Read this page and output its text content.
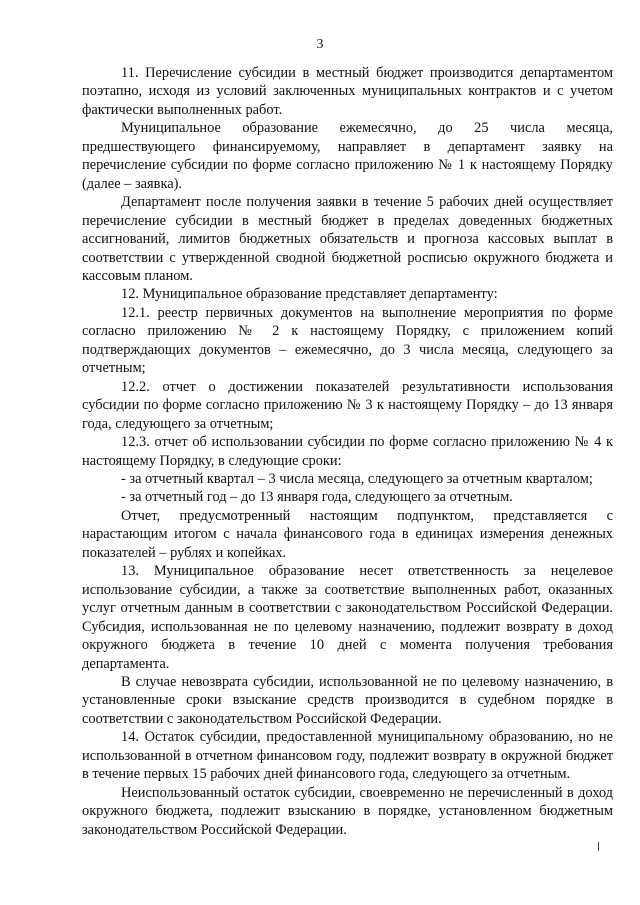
3

11. Перечисление субсидии в местный бюджет производится департаментом поэтапно, исходя из условий заключенных муниципальных контрактов и с учетом фактически выполненных работ.

Муниципальное образование ежемесячно, до 25 числа месяца, предшествующего финансируемому, направляет в департамент заявку на перечисление субсидии по форме согласно приложению № 1 к настоящему Порядку (далее – заявка).

Департамент после получения заявки в течение 5 рабочих дней осуществляет перечисление субсидии в местный бюджет в пределах доведенных бюджетных ассигнований, лимитов бюджетных обязательств и прогноза кассовых выплат в соответствии с утвержденной сводной бюджетной росписью окружного бюджета и кассовым планом.

12. Муниципальное образование представляет департаменту:

12.1. реестр первичных документов на выполнение мероприятия по форме согласно приложению № 2 к настоящему Порядку, с приложением копий подтверждающих документов – ежемесячно, до 3 числа месяца, следующего за отчетным;

12.2. отчет о достижении показателей результативности использования субсидии по форме согласно приложению № 3 к настоящему Порядку – до 13 января года, следующего за отчетным;

12.3. отчет об использовании субсидии по форме согласно приложению № 4 к настоящему Порядку, в следующие сроки:

- за отчетный квартал – 3 числа месяца, следующего за отчетным кварталом;

- за отчетный год – до 13 января года, следующего за отчетным.

Отчет, предусмотренный настоящим подпунктом, представляется с нарастающим итогом с начала финансового года в единицах измерения денежных показателей – рублях и копейках.

13. Муниципальное образование несет ответственность за нецелевое использование субсидии, а также за соответствие выполненных работ, оказанных услуг отчетным данным в соответствии с законодательством Российской Федерации. Субсидия, использованная не по целевому назначению, подлежит возврату в доход окружного бюджета в течение 10 дней с момента получения требования департамента.

В случае невозврата субсидии, использованной не по целевому назначению, в установленные сроки взыскание средств производится в судебном порядке в соответствии с законодательством Российской Федерации.

14. Остаток субсидии, предоставленной муниципальному образованию, но не использованной в отчетном финансовом году, подлежит возврату в окружной бюджет в течение первых 15 рабочих дней финансового года, следующего за отчетным.

Неиспользованный остаток субсидии, своевременно не перечисленный в доход окружного бюджета, подлежит взысканию в порядке, установленном бюджетным законодательством Российской Федерации.
